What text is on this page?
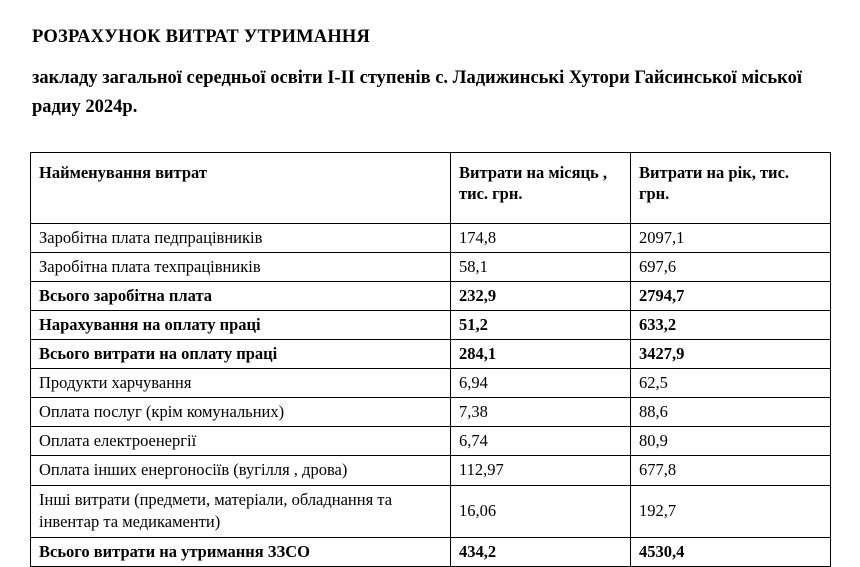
РОЗРАХУНОК ВИТРАТ УТРИМАННЯ
закладу загальної середньої освіти І-ІІ ступенів с. Ладижинські Хутори Гайсинської міської радиу 2024р.
Найменування витрат	Витрати на місяць , тис. грн.	Витрати на рік, тис. грн.
Заробітна плата педпрацівників	174,8	2097,1
Заробітна плата техпрацівників	58,1	697,6
Всього заробітна плата	232,9	2794,7
Нарахування на оплату праці	51,2	633,2
Всього витрати на оплату праці	284,1	3427,9
Продукти харчування	6,94	62,5
Оплата послуг (крім комунальних)	7,38	88,6
Оплата електроенергії	6,74	80,9
Оплата інших енергоносіїв (вугілля , дрова)	112,97	677,8
Інші витрати (предмети, матеріали, обладнання та інвентар та медикаменти)	16,06	192,7
Всього витрати на утримання ЗЗСО	434,2	4530,4
